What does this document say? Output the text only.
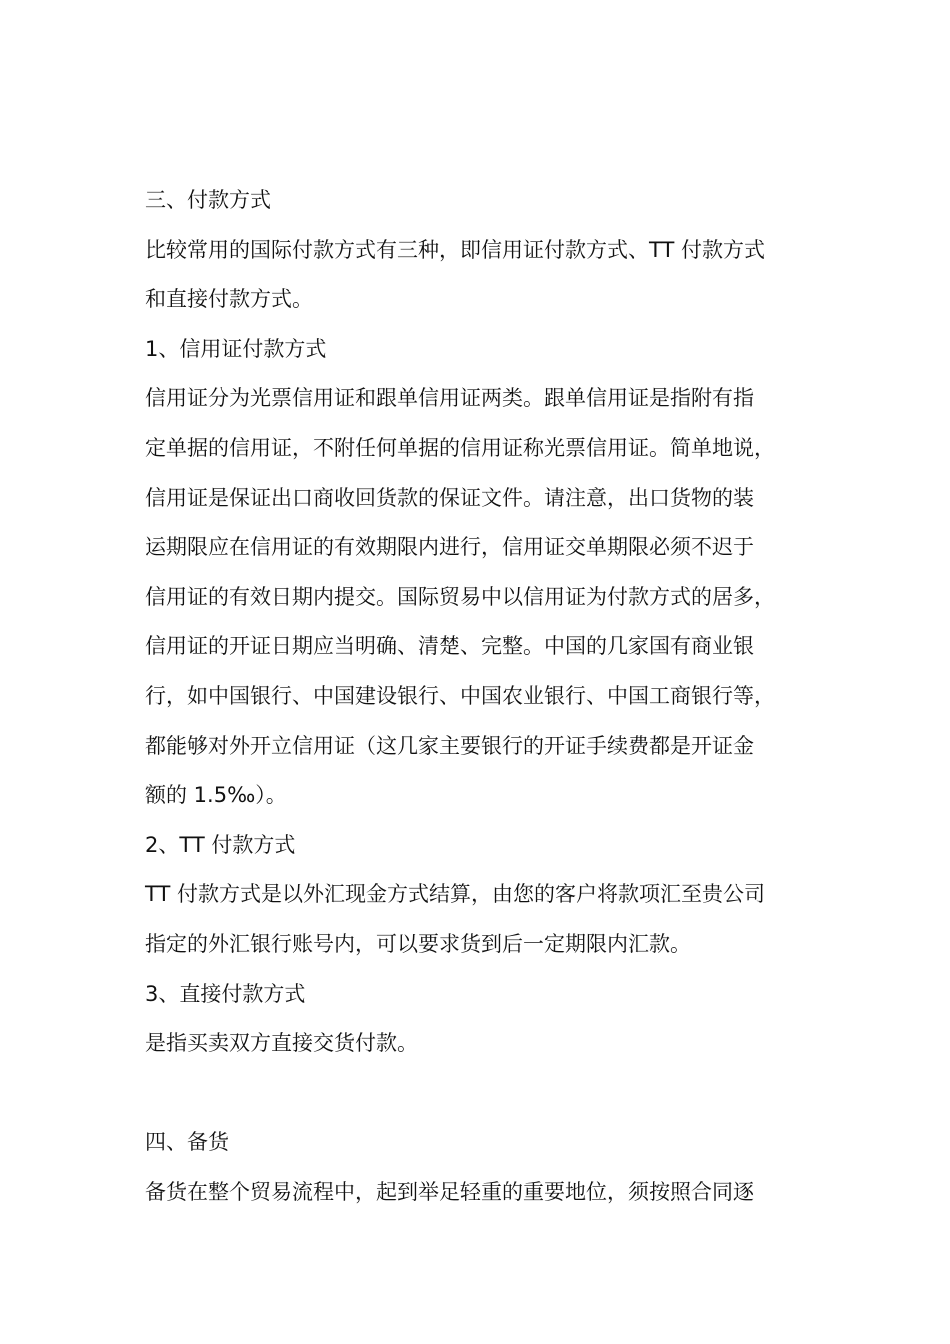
三、付款方式
比较常用的国际付款方式有三种，即信用证付款方式、TT 付款方式
和直接付款方式。
1、信用证付款方式
信用证分为光票信用证和跟单信用证两类。跟单信用证是指附有指
定单据的信用证，不附任何单据的信用证称光票信用证。简单地说，
信用证是保证出口商收回货款的保证文件。请注意，出口货物的装
运期限应在信用证的有效期限内进行，信用证交单期限必须不迟于
信用证的有效日期内提交。国际贸易中以信用证为付款方式的居多，
信用证的开证日期应当明确、清楚、完整。中国的几家国有商业银
行，如中国银行、中国建设银行、中国农业银行、中国工商银行等，
都能够对外开立信用证（这几家主要银行的开证手续费都是开证金
额的 1.5‰）。
2、TT 付款方式
TT 付款方式是以外汇现金方式结算，由您的客户将款项汇至贵公司
指定的外汇银行账号内，可以要求货到后一定期限内汇款。
3、直接付款方式
是指买卖双方直接交货付款。
四、备货
备货在整个贸易流程中，起到举足轻重的重要地位，须按照合同逐
